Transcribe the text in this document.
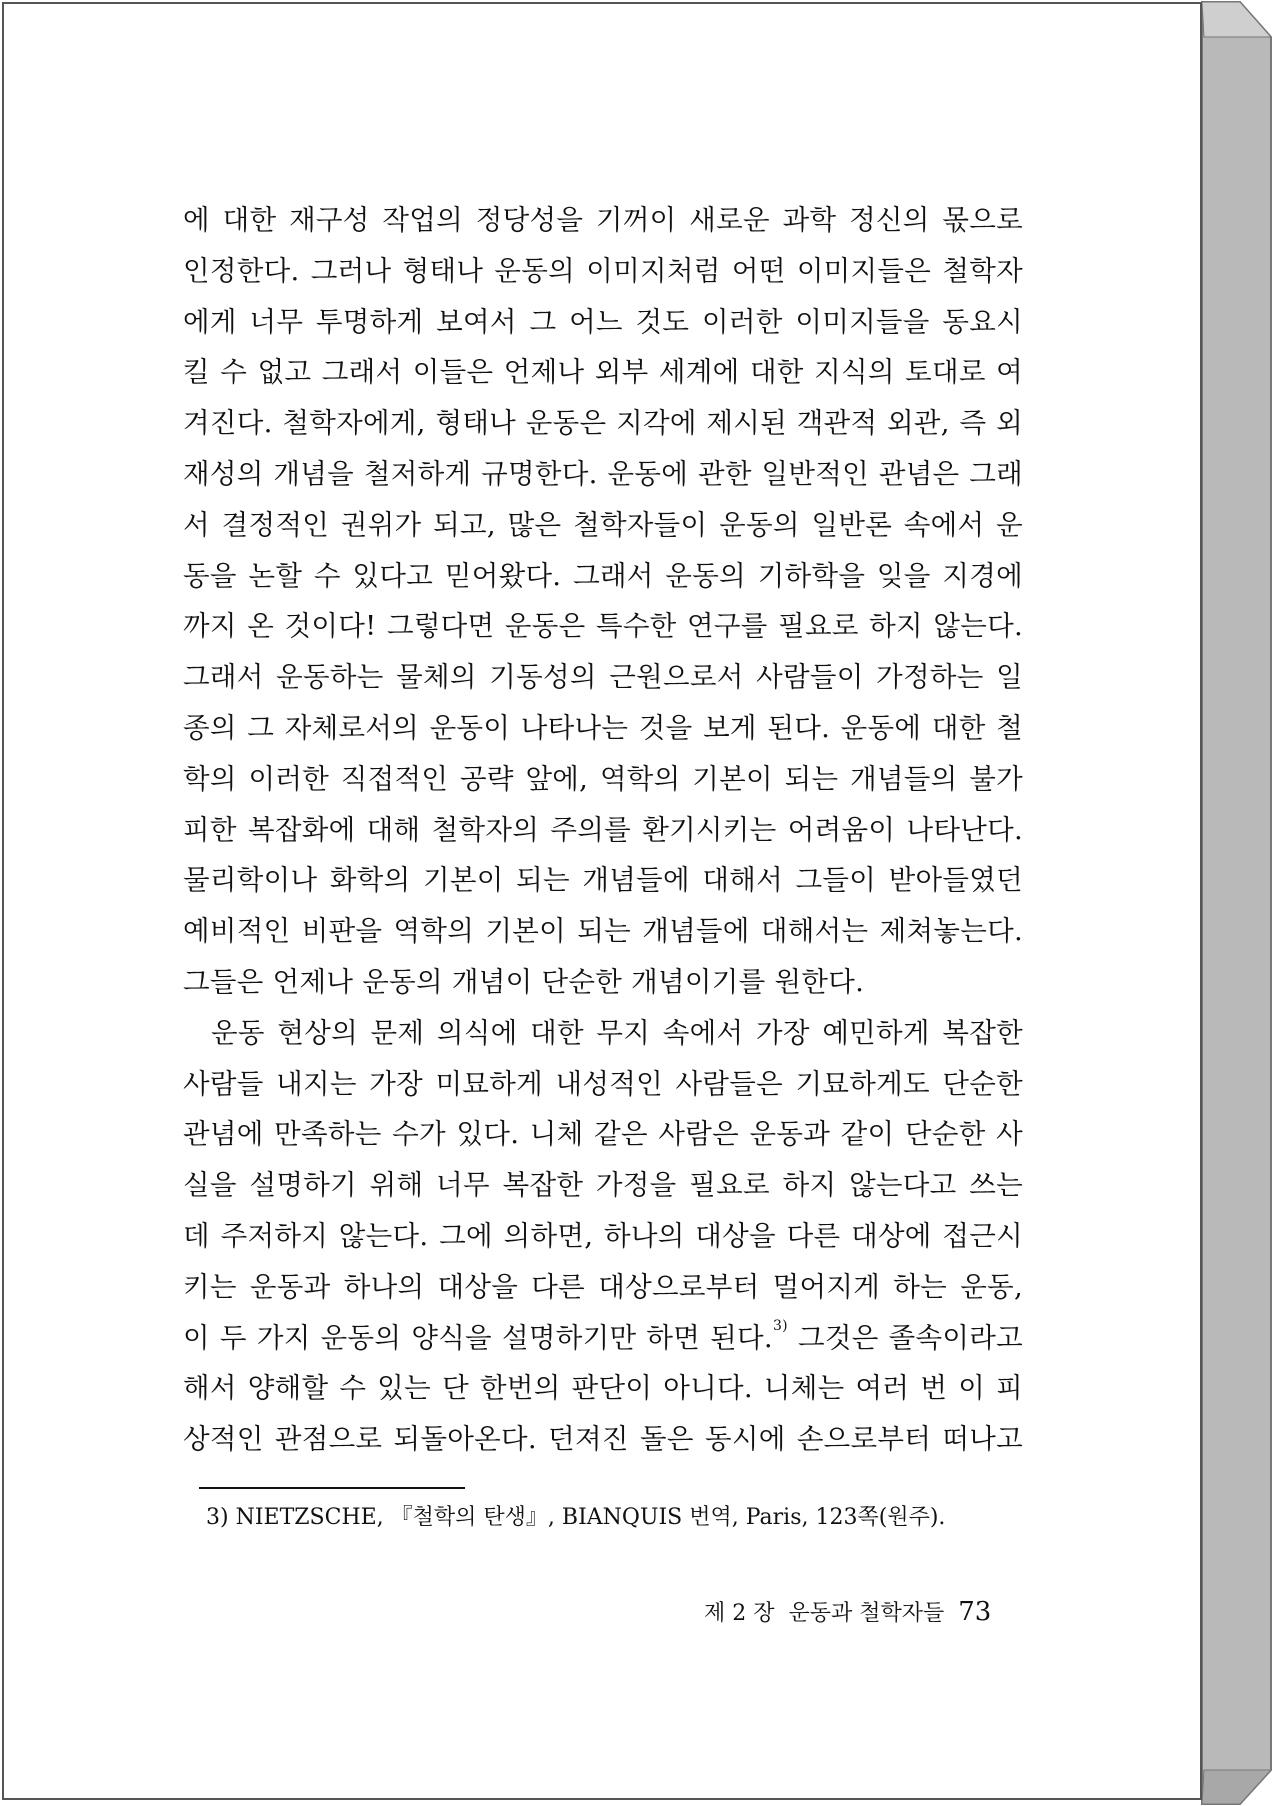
에 대한 재구성 작업의 정당성을 기꺼이 새로운 과학 정신의 몫으로
인정한다. 그러나 형태나 운동의 이미지처럼 어떤 이미지들은 철학자
에게 너무 투명하게 보여서 그 어느 것도 이러한 이미지들을 동요시
킬 수 없고 그래서 이들은 언제나 외부 세계에 대한 지식의 토대로 여
겨진다. 철학자에게, 형태나 운동은 지각에 제시된 객관적 외관, 즉 외
재성의 개념을 철저하게 규명한다. 운동에 관한 일반적인 관념은 그래
서 결정적인 권위가 되고, 많은 철학자들이 운동의 일반론 속에서 운
동을 논할 수 있다고 믿어왔다. 그래서 운동의 기하학을 잊을 지경에
까지 온 것이다! 그렇다면 운동은 특수한 연구를 필요로 하지 않는다.
그래서 운동하는 물체의 기동성의 근원으로서 사람들이 가정하는 일
종의 그 자체로서의 운동이 나타나는 것을 보게 된다. 운동에 대한 철
학의 이러한 직접적인 공략 앞에, 역학의 기본이 되는 개념들의 불가
피한 복잡화에 대해 철학자의 주의를 환기시키는 어려움이 나타난다.
물리학이나 화학의 기본이 되는 개념들에 대해서 그들이 받아들였던
예비적인 비판을 역학의 기본이 되는 개념들에 대해서는 제쳐놓는다.
그들은 언제나 운동의 개념이 단순한 개념이기를 원한다.
운동 현상의 문제 의식에 대한 무지 속에서 가장 예민하게 복잡한
사람들 내지는 가장 미묘하게 내성적인 사람들은 기묘하게도 단순한
관념에 만족하는 수가 있다. 니체 같은 사람은 운동과 같이 단순한 사
실을 설명하기 위해 너무 복잡한 가정을 필요로 하지 않는다고 쓰는
데 주저하지 않는다. 그에 의하면, 하나의 대상을 다른 대상에 접근시
키는 운동과 하나의 대상을 다른 대상으로부터 멀어지게 하는 운동,
이 두 가지 운동의 양식을 설명하기만 하면 된다.$^{3)}$ 그것은 졸속이라고
해서 양해할 수 있는 단 한번의 판단이 아니다. 니체는 여러 번 이 피
상적인 관점으로 되돌아온다. 던져진 돌은 동시에 손으로부터 떠나고
3) NIETZSCHE, 『철학의 탄생』, BIANQUIS 번역, Paris, 123쪽(원주).
제 2 장 운동과 철학자들 73
